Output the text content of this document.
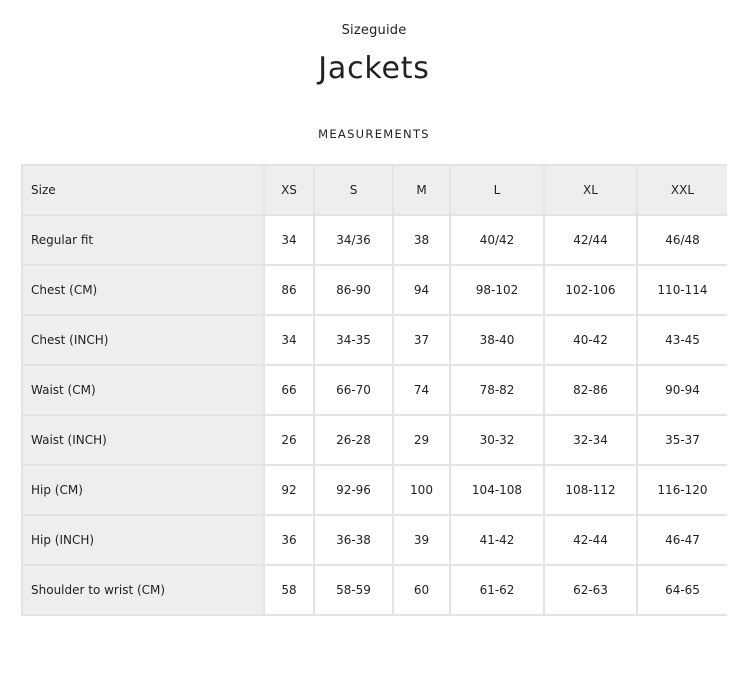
Sizeguide
Jackets
MEASUREMENTS
Size	XS	S	M	L	XL	XXL
Regular fit	34	34/36	38	40/42	42/44	46/48
Chest (CM)	86	86-90	94	98-102	102-106	110-114
Chest (INCH)	34	34-35	37	38-40	40-42	43-45
Waist (CM)	66	66-70	74	78-82	82-86	90-94
Waist (INCH)	26	26-28	29	30-32	32-34	35-37
Hip (CM)	92	92-96	100	104-108	108-112	116-120
Hip (INCH)	36	36-38	39	41-42	42-44	46-47
Shoulder to wrist (CM)	58	58-59	60	61-62	62-63	64-65
